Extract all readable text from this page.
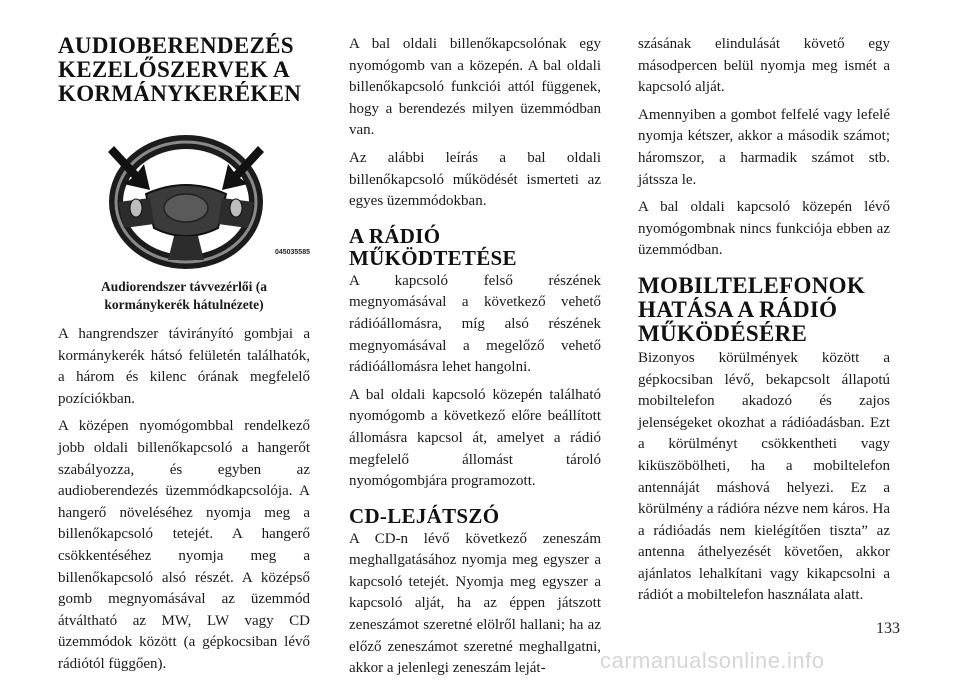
AUDIOBERENDEZÉS KEZELŐSZERVEK A KORMÁNYKERÉKEN
045035585
Audiorendszer távvezérlői (a kormánykerék hátulnézete)

A hangrendszer távirányító gombjai a kormánykerék hátsó felületén találhatók, a három és kilenc órának megfelelő pozíciókban.

A középen nyomógombbal rendelkező jobb oldali billenőkapcsoló a hangerőt szabályozza, és egyben az audioberendezés üzemmódkapcsolója. A hangerő növeléséhez nyomja meg a billenőkapcsoló tetejét. A hangerő csökkentéséhez nyomja meg a billenőkapcsoló alsó részét. A középső gomb megnyomásával az üzemmód átváltható az MW, LW vagy CD üzemmódok között (a gépkocsiban lévő rádiótól függően).

A bal oldali billenőkapcsolónak egy nyomógomb van a közepén. A bal oldali billenőkapcsoló funkciói attól függenek, hogy a berendezés milyen üzemmódban van.

Az alábbi leírás a bal oldali billenőkapcsoló működését ismerteti az egyes üzemmódokban.

A RÁDIÓ MŰKÖDTETÉSE

A kapcsoló felső részének megnyomásával a következő vehető rádióállomásra, míg alsó részének megnyomásával a megelőző vehető rádióállomásra lehet hangolni.

A bal oldali kapcsoló közepén található nyomógomb a következő előre beállított állomásra kapcsol át, amelyet a rádió megfelelő állomást tároló nyomógombjára programozott.

CD-LEJÁTSZÓ

A CD-n lévő következő zeneszám meghallgatásához nyomja meg egyszer a kapcsoló tetejét. Nyomja meg egyszer a kapcsoló alját, ha az éppen játszott zeneszámot szeretné elölről hallani; ha az előző zeneszámot szeretné meghallgatni, akkor a jelenlegi zeneszám leját-

szásának elindulását követő egy másodpercen belül nyomja meg ismét a kapcsoló alját.

Amennyiben a gombot felfelé vagy lefelé nyomja kétszer, akkor a második számot; háromszor, a harmadik számot stb. játssza le.

A bal oldali kapcsoló közepén lévő nyomógombnak nincs funkciója ebben az üzemmódban.

MOBILTELEFONOK HATÁSA A RÁDIÓ MŰKÖDÉSÉRE

Bizonyos körülmények között a gépkocsiban lévő, bekapcsolt állapotú mobiltelefon akadozó és zajos jelenségeket okozhat a rádióadásban. Ezt a körülményt csökkentheti vagy kiküszöbölheti, ha a mobiltelefon antennáját máshová helyezi. Ez a körülmény a rádióra nézve nem káros. Ha a rádióadás nem kielégítően tiszta” az antenna áthelyezését követően, akkor ajánlatos lehalkítani vagy kikapcsolni a rádiót a mobiltelefon használata alatt.

133
carmanualsonline.info
